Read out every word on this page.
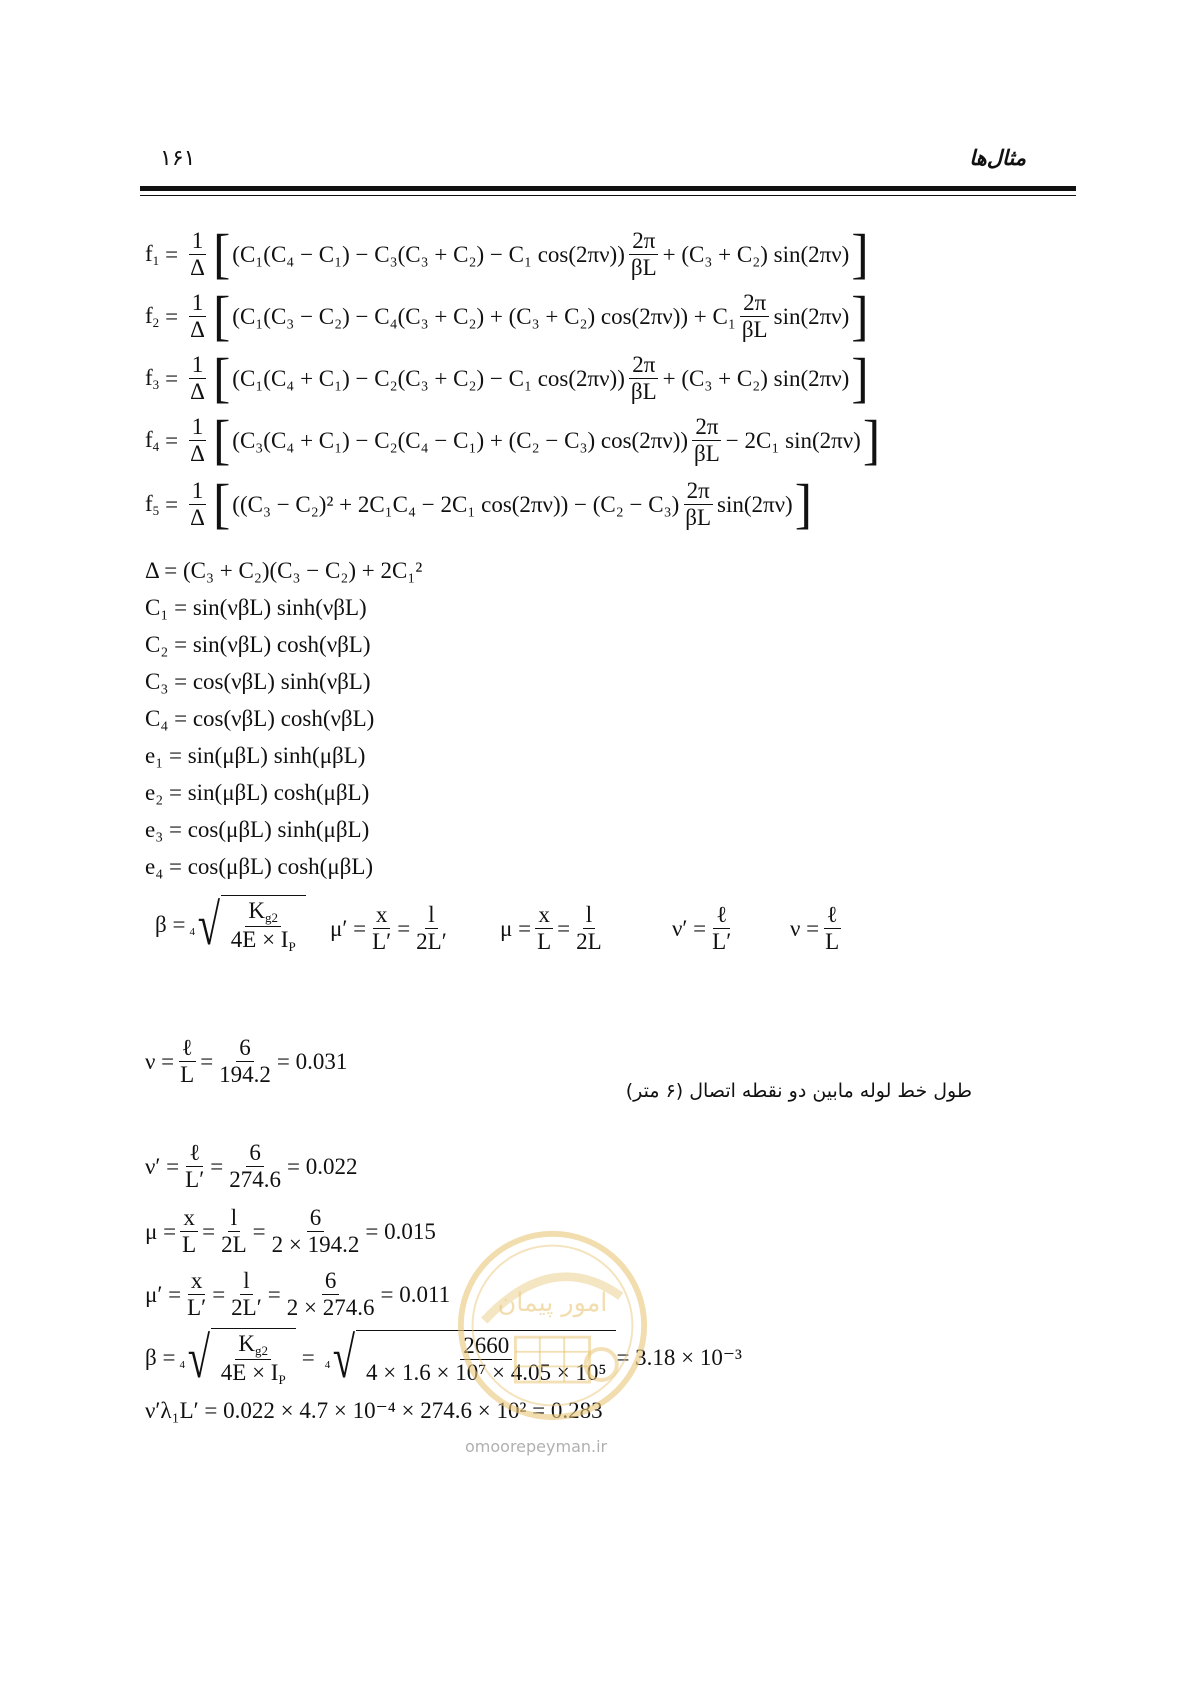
۱۶۱	مثال‌ها
$f_1 = \frac{1}{\Delta}$ [ (C₁(C₄ − C₁) − C₃(C₃ + C₂) − C₁ $\cos(2\pi\nu)) \frac{2\pi}{\beta L} + (C_3 + C_2)$ sin(2πν) ]
$f_2 = \frac{1}{\Delta}$ [ (C₁(C₃ − C₂) − C₄(C₃ + C₂) + (C₃ + C₂) $\cos(2\pi\nu)) + C_1 \frac{2\pi}{\beta L} \sin(2\pi\nu)$ ]
$f_3 = \frac{1}{\Delta}$ [ (C₁(C₄ + C₁) − C₂(C₃ + C₂) − C₁ $\cos(2\pi\nu)) \frac{2\pi}{\beta L} + (C_3 + C_2)$ sin(2πν) ]
$f_4 = \frac{1}{\Delta}$ [ (C₃(C₄ + C₁) − C₂(C₄ − C₁) + (C₂ − C₃) $\cos(2\pi\nu)) \frac{2\pi}{\beta L} - 2C_1$ sin(2πν) ]
$f_5 = \frac{1}{\Delta}$ [ ((C₃ − C₂)² + 2C₁C₄ − 2C₁ $\cos(2\pi\nu)) - (C_2 - C_3) \frac{2\pi}{\beta L} \sin(2\pi\nu)$ ]
Δ = (C₃ + C₂)(C₃ − C₂) + 2C₁²
C₁ = sin(νβL) sinh(νβL)
C₂ = sin(νβL) cosh(νβL)
C₃ = cos(νβL) sinh(νβL)
C₄ = cos(νβL) cosh(νβL)
e₁ = sin(μβL) sinh(μβL)
e₂ = sin(μβL) cosh(μβL)
e₃ = cos(μβL) sinh(μβL)
e₄ = cos(μβL) cosh(μβL)
β = 4 √ $\frac{K_{g2}}{4E \times I_P} \mu' = \frac{x}{L'} = \frac{l}{2L'}$ $\mu = \frac{x}{L} = \frac{l}{2L}$	$\nu' = \frac{\text{ℓ}}{L'}$ $\nu = \frac{\text{ℓ}}{L}$
$\nu = \frac{\text{ℓ}}{L} = \frac{6}{194.2} = 0.031$
طول خط لوله مابین دو نقطه اتصال (۶ متر)
$\nu' = \frac{\text{ℓ}}{L'} = \frac{6}{274.6} = 0.022$
$\mu = \frac{x}{L} = \frac{l}{2L} = \frac{6}{2 \times 194.2} = 0.015$
$\mu' = \frac{x}{L'} = \frac{l}{2L'} = \frac{6}{2 \times 274.6} = 0.011$
β = 4 √ $\frac{K_{g2}}{4E \times I_P} = 4$ √ $\frac{2660}{\text{4 × 1.6 × 10⁷ × 4.05 × 10⁵}} = 3.18 \times 10^{-3}$
ν′λ₁L′ = 0.022 × 4.7 × 10⁻⁴ × 274.6 × 10² = 0.283
امور پیمان
omoorepeyman.ir
